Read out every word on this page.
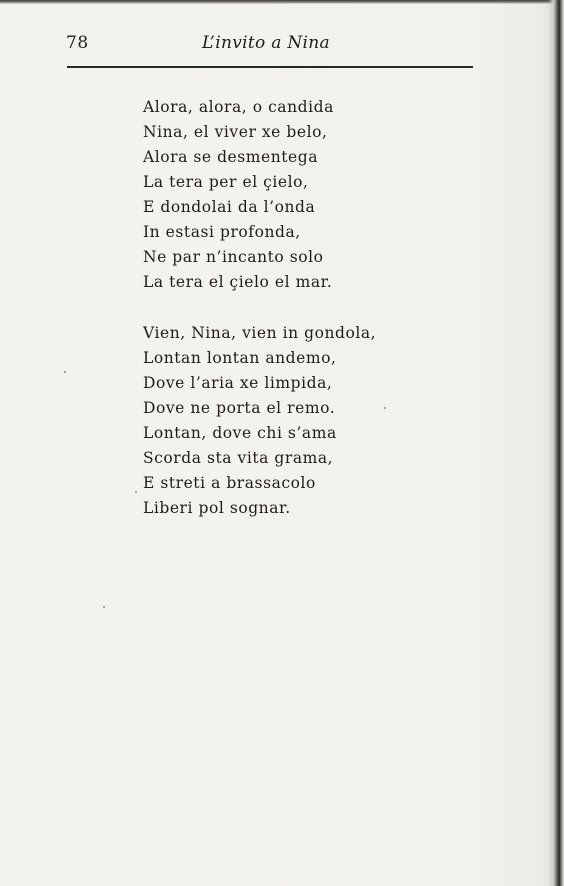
78	L’invito a Nina
Alora, alora, o candida
Nina, el viver xe belo,
Alora se desmentega
La tera per el çielo,
E dondolai da l’onda
In estasi profonda,
Ne par n’incanto solo
La tera el çielo el mar.
Vien, Nina, vien in gondola,
Lontan lontan andemo,
Dove l’aria xe limpida,
Dove ne porta el remo.
Lontan, dove chi s’ama
Scorda sta vita grama,
E streti a brassacolo
Liberi pol sognar.
